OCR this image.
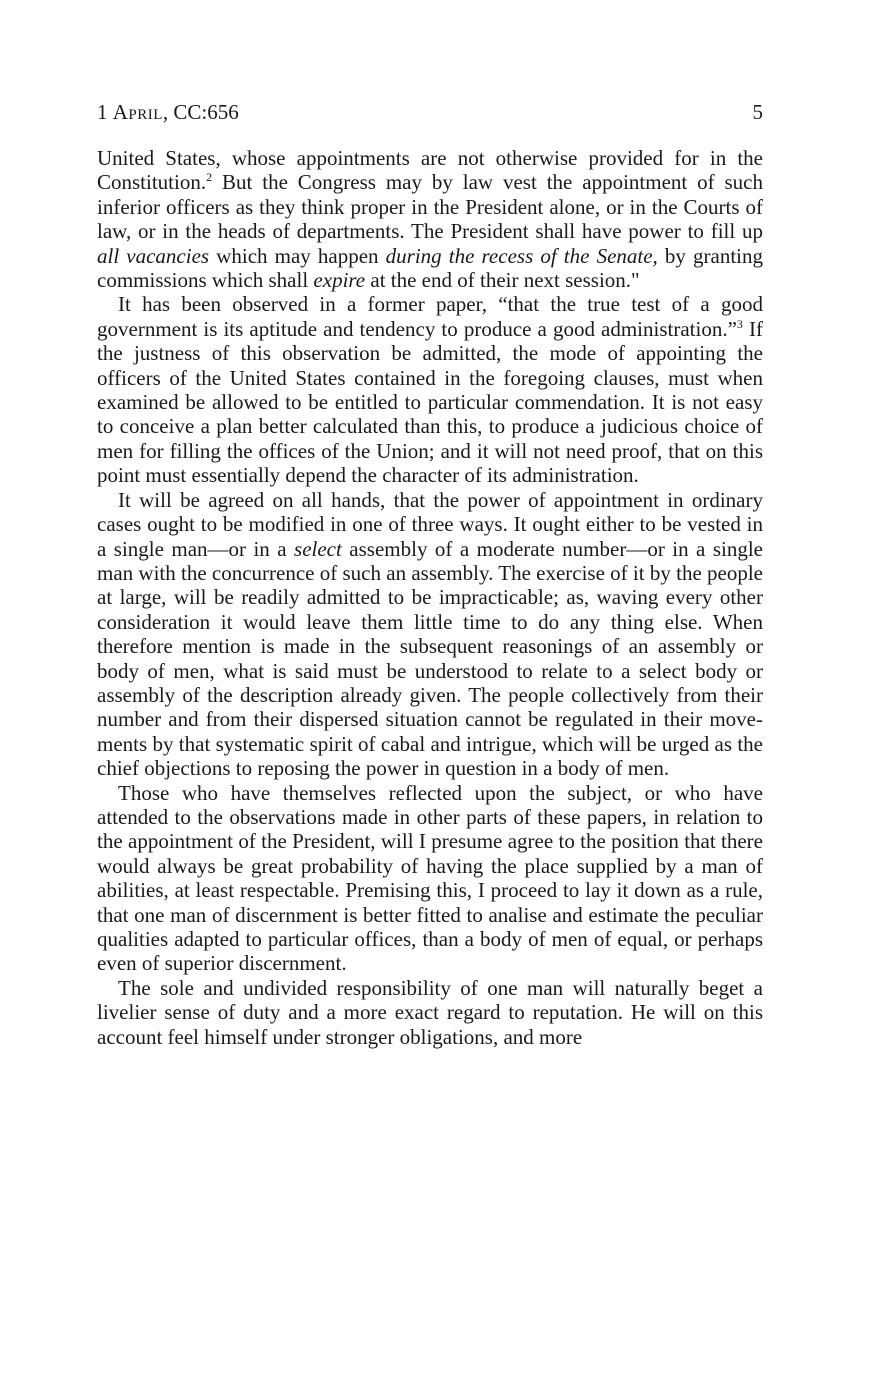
1 April, CC:656	5

United States, whose appointments are not otherwise provided for in the Constitution.$^2$ But the Congress may by law vest the appointment of such inferior officers as they think proper in the President alone, or in the Courts of law, or in the heads of departments. The President shall have power to fill up all vacancies which may happen during the recess of the Senate, by granting commissions which shall expire at the end of their next session."

It has been observed in a former paper, “that the true test of a good government is its aptitude and tendency to produce a good administration.”$^3$ If the justness of this observation be admitted, the mode of appointing the officers of the United States contained in the foregoing clauses, must when examined be allowed to be entitled to particular commendation. It is not easy to conceive a plan better calculated than this, to produce a judicious choice of men for filling the offices of the Union; and it will not need proof, that on this point must essentially depend the character of its administration.

It will be agreed on all hands, that the power of appointment in ordinary cases ought to be modified in one of three ways. It ought either to be vested in a single man—or in a select assembly of a moderate number—or in a single man with the concurrence of such an assembly. The exercise of it by the people at large, will be readily admitted to be impracticable; as, waving every other consideration it would leave them little time to do any thing else. When therefore mention is made in the subsequent reasonings of an assembly or body of men, what is said must be understood to relate to a select body or assembly of the description already given. The people collectively from their number and from their dispersed situation cannot be regulated in their movements by that systematic spirit of cabal and intrigue, which will be urged as the chief objections to reposing the power in question in a body of men.

Those who have themselves reflected upon the subject, or who have attended to the observations made in other parts of these papers, in relation to the appointment of the President, will I presume agree to the position that there would always be great probability of having the place supplied by a man of abilities, at least respectable. Premising this, I proceed to lay it down as a rule, that one man of discernment is better fitted to analise and estimate the peculiar qualities adapted to particular offices, than a body of men of equal, or perhaps even of superior discernment.

The sole and undivided responsibility of one man will naturally beget a livelier sense of duty and a more exact regard to reputation. He will on this account feel himself under stronger obligations, and more
